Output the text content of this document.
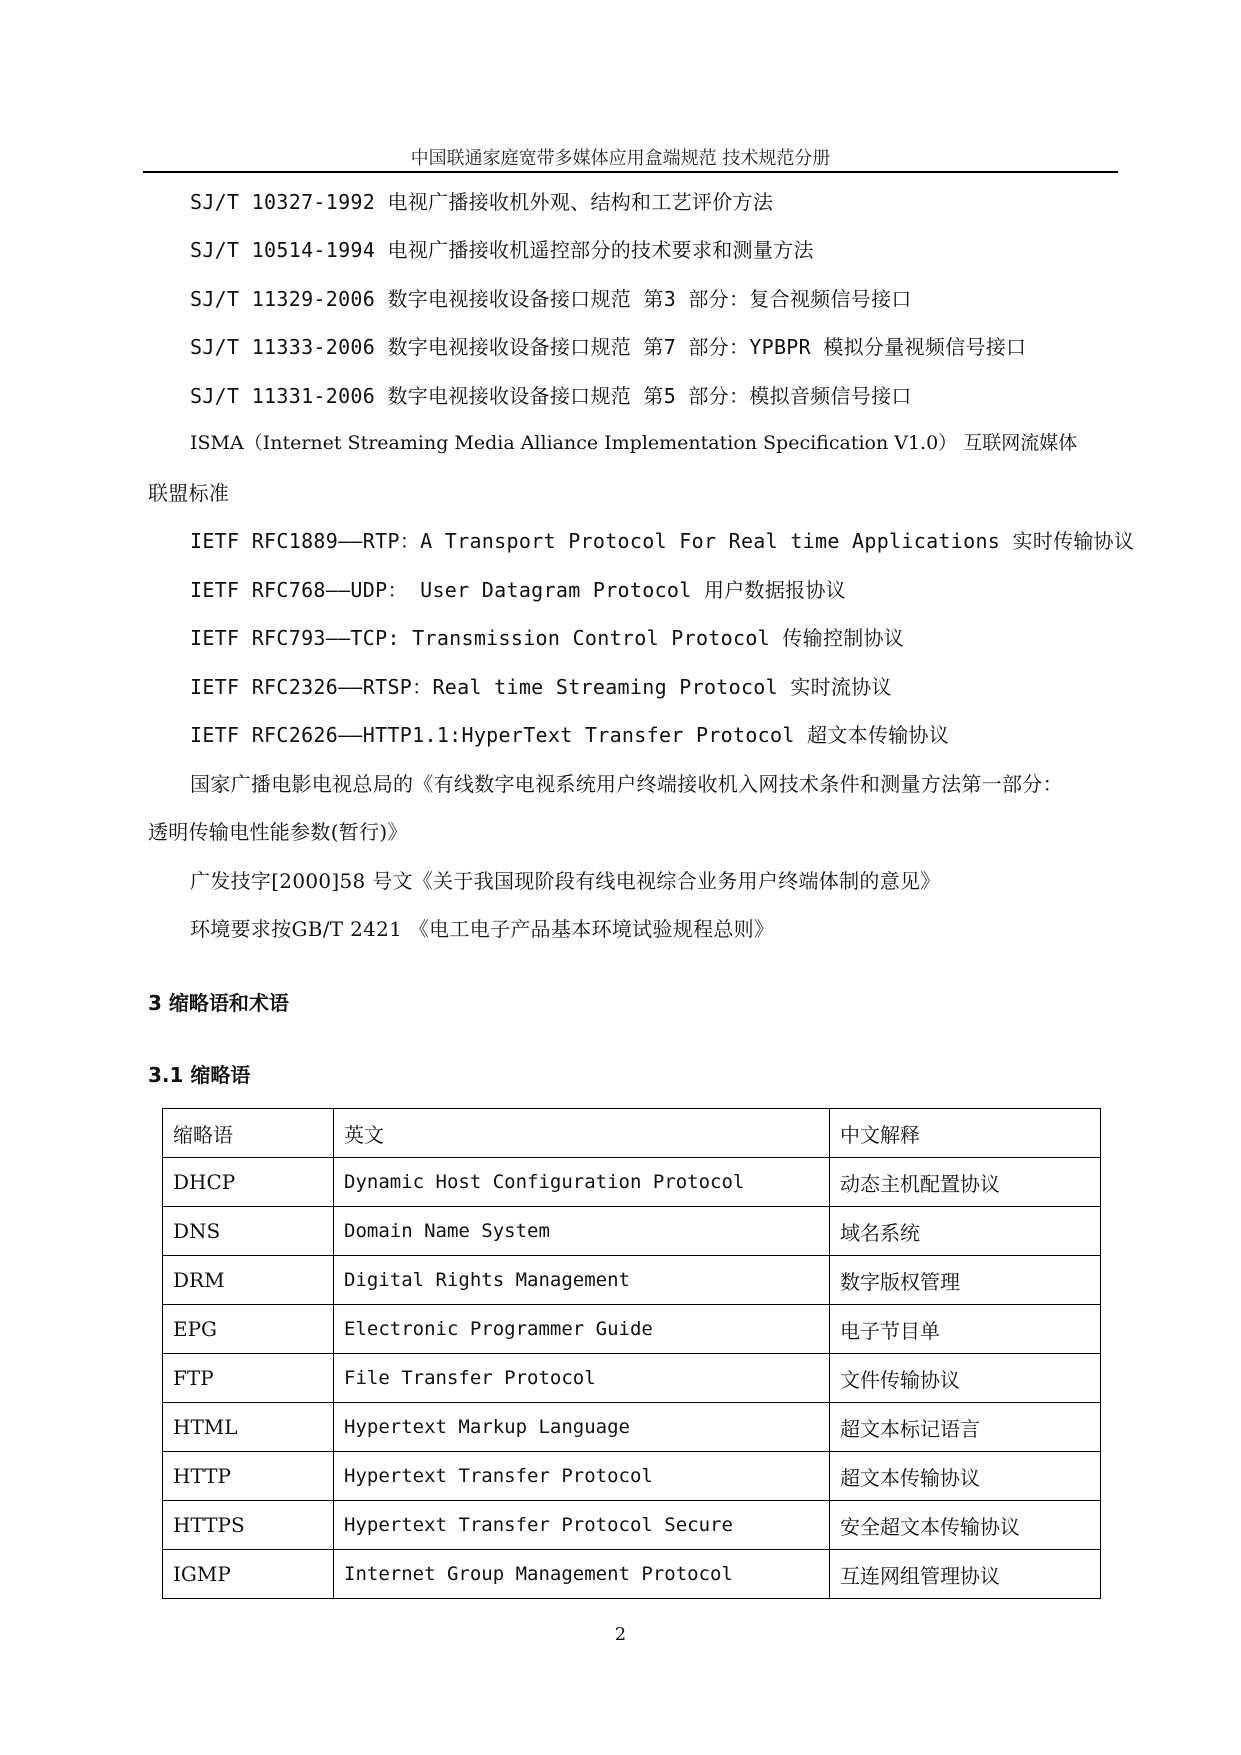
中国联通家庭宽带多媒体应用盒端规范 技术规范分册
SJ/T 10327-1992 电视广播接收机外观、结构和工艺评价方法
SJ/T 10514-1994 电视广播接收机遥控部分的技术要求和测量方法
SJ/T 11329-2006 数字电视接收设备接口规范 第3 部分：复合视频信号接口
SJ/T 11333-2006 数字电视接收设备接口规范 第7 部分：YPBPR 模拟分量视频信号接口
SJ/T 11331-2006 数字电视接收设备接口规范 第5 部分：模拟音频信号接口
ISMA（Internet Streaming Media Alliance Implementation Specification V1.0） 互联网流媒体
联盟标准
IETF RFC1889——RTP：A Transport Protocol For Real time Applications 实时传输协议
IETF RFC768——UDP： User Datagram Protocol 用户数据报协议
IETF RFC793——TCP: Transmission Control Protocol 传输控制协议
IETF RFC2326——RTSP：Real time Streaming Protocol 实时流协议
IETF RFC2626——HTTP1.1:HyperText Transfer Protocol 超文本传输协议
国家广播电影电视总局的《有线数字电视系统用户终端接收机入网技术条件和测量方法第一部分：
透明传输电性能参数(暂行)》
广发技字[2000]58 号文《关于我国现阶段有线电视综合业务用户终端体制的意见》
环境要求按GB/T 2421 《电工电子产品基本环境试验规程总则》
3 缩略语和术语
3.1 缩略语
缩略语	英文	中文解释
DHCP	Dynamic Host Configuration Protocol	动态主机配置协议
DNS	Domain Name System	域名系统
DRM	Digital Rights Management	数字版权管理
EPG	Electronic Programmer Guide	电子节目单
FTP	File Transfer Protocol	文件传输协议
HTML	Hypertext Markup Language	超文本标记语言
HTTP	Hypertext Transfer Protocol	超文本传输协议
HTTPS	Hypertext Transfer Protocol Secure	安全超文本传输协议
IGMP	Internet Group Management Protocol	互连网组管理协议
2
